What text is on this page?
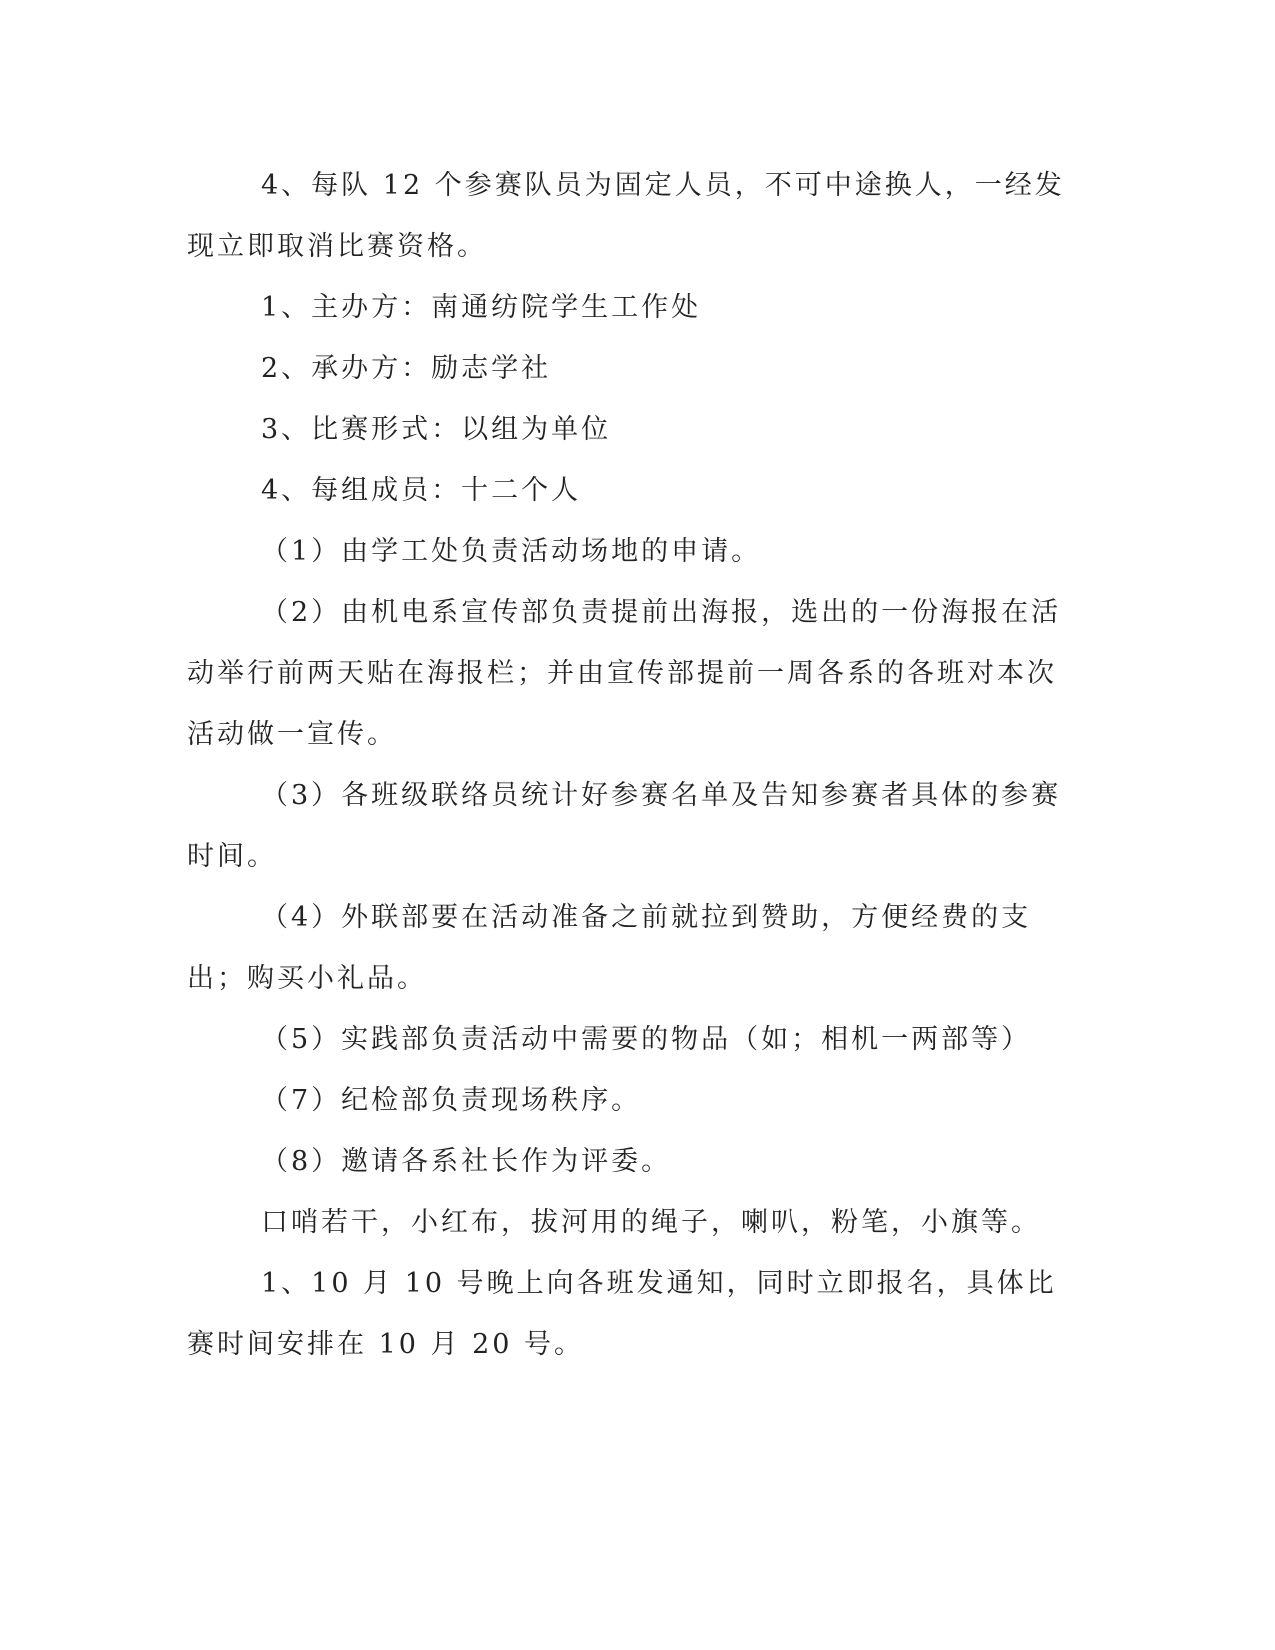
4、每队 12 个参赛队员为固定人员，不可中途换人，一经发现立即取消比赛资格。

1、主办方：南通纺院学生工作处

2、承办方：励志学社

3、比赛形式：以组为单位

4、每组成员：十二个人

（1）由学工处负责活动场地的申请。

（2）由机电系宣传部负责提前出海报，选出的一份海报在活动举行前两天贴在海报栏；并由宣传部提前一周各系的各班对本次活动做一宣传。

（3）各班级联络员统计好参赛名单及告知参赛者具体的参赛时间。

（4）外联部要在活动准备之前就拉到赞助，方便经费的支出；购买小礼品。

（5）实践部负责活动中需要的物品（如；相机一两部等）

（7）纪检部负责现场秩序。

（8）邀请各系社长作为评委。

口哨若干，小红布，拔河用的绳子，喇叭，粉笔，小旗等。

1、10 月 10 号晚上向各班发通知，同时立即报名，具体比赛时间安排在 10 月 20 号。
